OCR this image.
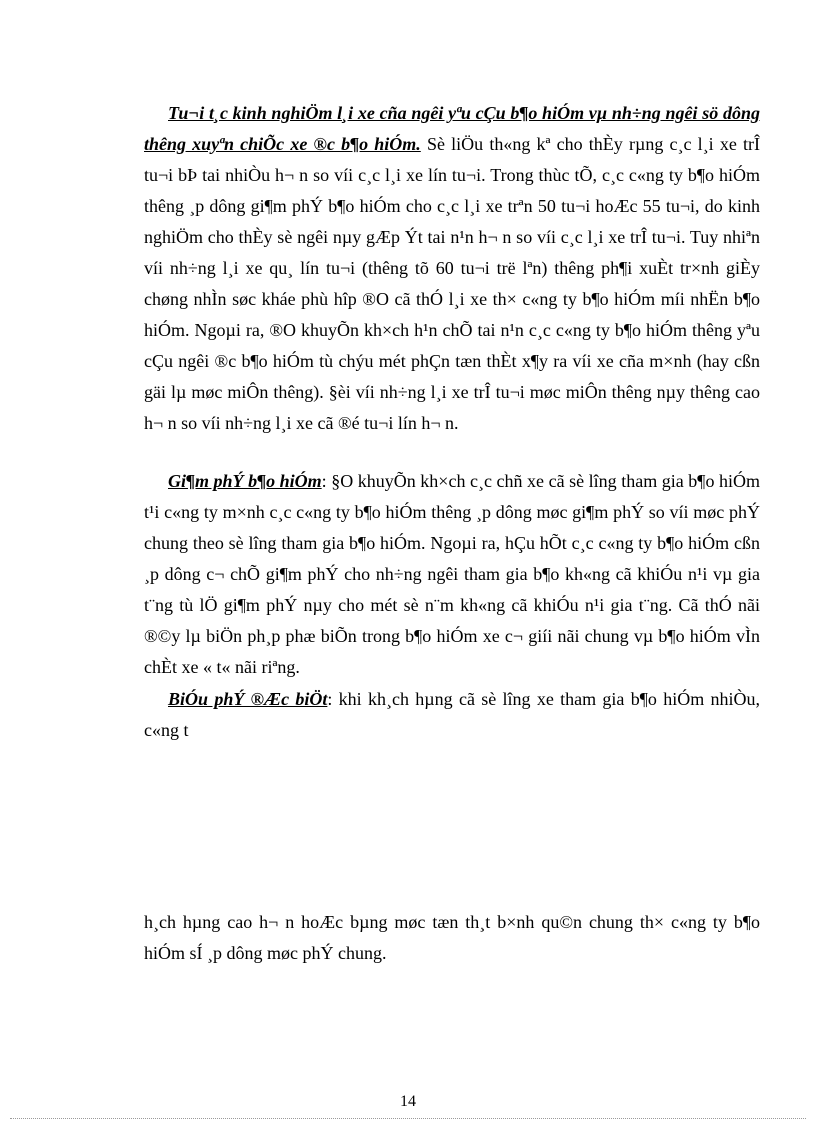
Tu¬i t¸c kinh nghiÖm l¸i xe cña ngêi yªu cÇu b¶o hiÓm vµ nh÷ng ngêi sö dông thêng xuyªn chiÕc xe ®c b¶o hiÓm. Sè liÖu th«ng kª cho thÈy rµng c¸c l¸i xe trÎ tu¬i bÞ tai nhiÒu h¬ n so víi c¸c l¸i xe lín tu¬i. Trong thùc tÕ, c¸c c«ng ty b¶o hiÓm thêng ¸p dông gi¶m phÝ b¶o hiÓm cho c¸c l¸i xe trªn 50 tu¬i hoÆc 55 tu¬i, do kinh nghiÖm cho thÈy sè ngêi nµy gÆp Ýt tai n¹n h¬ n so víi c¸c l¸i xe trÎ tu¬i. Tuy nhiªn víi nh÷ng l¸i xe qu¸ lín tu¬i (thêng tõ 60 tu¬i trë lªn) thêng ph¶i xuÈt tr×nh giÈy chøng nhÌn søc kháe phù hîp ®O cã thÓ l¸i xe th× c«ng ty b¶o hiÓm míi nhËn b¶o hiÓm. Ngoµi ra, ®O khuyÕn kh×ch h¹n chÕ tai n¹n c¸c c«ng ty b¶o hiÓm thêng yªu cÇu ngêi ®c b¶o hiÓm tù chýu mét phÇn tæn thÈt x¶y ra víi xe cña m×nh (hay cßn gäi lµ møc miÔn thêng). §èi víi nh÷ng l¸i xe trÎ tu¬i møc miÔn thêng nµy thêng cao h¬ n so víi nh÷ng l¸i xe cã ®é tu¬i lín h¬ n.

Gi¶m phÝ b¶o hiÓm: §O khuyÕn kh×ch c¸c chñ xe cã sè lîng tham gia b¶o hiÓm t¹i c«ng ty m×nh c¸c c«ng ty b¶o hiÓm thêng ¸p dông møc gi¶m phÝ so víi møc phÝ chung theo sè lîng tham gia b¶o hiÓm. Ngoµi ra, hÇu hÕt c¸c c«ng ty b¶o hiÓm cßn ¸p dông c¬ chÕ gi¶m phÝ cho nh÷ng ngêi tham gia b¶o kh«ng cã khiÓu n¹i vµ gia t¨ng tù lÖ gi¶m phÝ nµy cho mét sè n¨m kh«ng cã khiÓu n¹i gia t¨ng. Cã thÓ nãi ®©y lµ biÖn ph¸p phæ biÕn trong b¶o hiÓm xe c¬ giíi nãi chung vµ b¶o hiÓm vÌn chÈt xe « t« nãi riªng.

BiÓu phÝ ®Æc biÖt: khi kh¸ch hµng cã sè lîng xe tham gia b¶o hiÓm nhiÒu, c«ng t

h¸ch hµng cao h¬ n hoÆc bµng møc tæn th¸t b×nh qu©n chung th× c«ng ty b¶o hiÓm sÍ ¸p dông møc phÝ chung.

14
